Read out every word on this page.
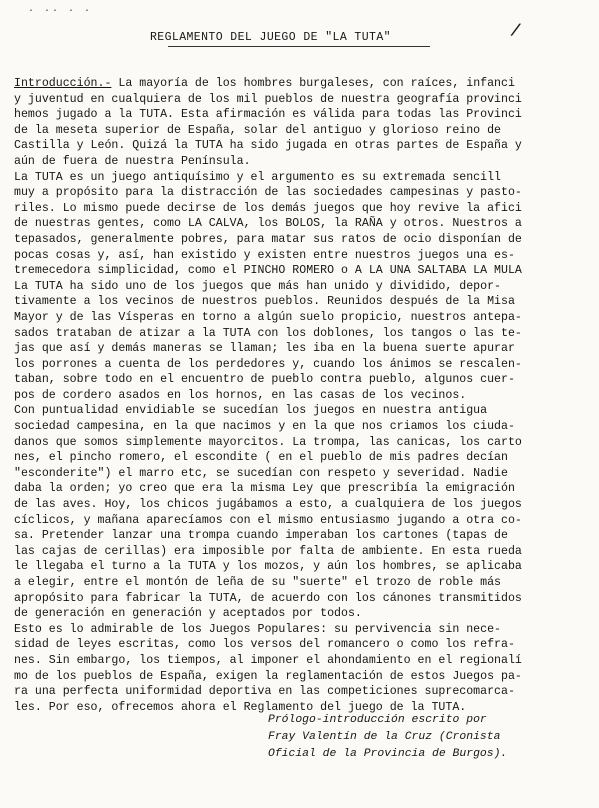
· ·· · ·
/
REGLAMENTO DEL JUEGO DE "LA TUTA"
Introducción.- La mayoría de los hombres burgaleses, con raíces, infanci
y juventud en cualquiera de los mil pueblos de nuestra geografía provinci
hemos jugado a la TUTA. Esta afirmación es válida para todas las Provinci
de la meseta superior de España, solar del antiguo y glorioso reino de
Castilla y León. Quizá la TUTA ha sido jugada en otras partes de España y
aún de fuera de nuestra Península.
La TUTA es un juego antiquísimo y el argumento es su extremada sencill
muy a propósito para la distracción de las sociedades campesinas y pasto-
riles. Lo mismo puede decirse de los demás juegos que hoy revive la afici
de nuestras gentes, como LA CALVA, los BOLOS, la RAÑA y otros. Nuestros a
tepasados, generalmente pobres, para matar sus ratos de ocio disponían de
pocas cosas y, así, han existido y existen entre nuestros juegos una es-
tremecedora simplicidad, como el PINCHO ROMERO o A LA UNA SALTABA LA MULA
La TUTA ha sido uno de los juegos que más han unido y dividido, depor-
tivamente a los vecinos de nuestros pueblos. Reunidos después de la Misa
Mayor y de las Vísperas en torno a algún suelo propicio, nuestros antepa-
sados trataban de atizar a la TUTA con los doblones, los tangos o las te-
jas que así y demás maneras se llaman; les iba en la buena suerte apurar
los porrones a cuenta de los perdedores y, cuando los ánimos se rescalen-
taban, sobre todo en el encuentro de pueblo contra pueblo, algunos cuer-
pos de cordero asados en los hornos, en las casas de los vecinos.
Con puntualidad envidiable se sucedían los juegos en nuestra antigua
sociedad campesina, en la que nacimos y en la que nos criamos los ciuda-
danos que somos simplemente mayorcitos. La trompa, las canicas, los carto
nes, el pincho romero, el escondite ( en el pueblo de mis padres decían
"esconderite") el marro etc, se sucedían con respeto y severidad. Nadie
daba la orden; yo creo que era la misma Ley que prescribía la emigración
de las aves. Hoy, los chicos jugábamos a esto, a cualquiera de los juegos
cíclicos, y mañana aparecíamos con el mismo entusiasmo jugando a otra co-
sa. Pretender lanzar una trompa cuando imperaban los cartones (tapas de
las cajas de cerillas) era imposible por falta de ambiente. En esta rueda
le llegaba el turno a la TUTA y los mozos, y aún los hombres, se aplicaba
a elegir, entre el montón de leña de su "suerte" el trozo de roble más
apropósito para fabricar la TUTA, de acuerdo con los cánones transmitidos
de generación en generación y aceptados por todos.
Esto es lo admirable de los Juegos Populares: su pervivencia sin nece-
sidad de leyes escritas, como los versos del romancero o como los refra-
nes. Sin embargo, los tiempos, al imponer el ahondamiento en el regionalí
mo de los pueblos de España, exigen la reglamentación de estos Juegos pa-
ra una perfecta uniformidad deportiva en las competiciones suprecomarca-
les. Por eso, ofrecemos ahora el Reglamento del juego de la TUTA.
Prólogo-introducción escrito por
Fray Valentín de la Cruz (Cronista
Oficial de la Provincia de Burgos).
